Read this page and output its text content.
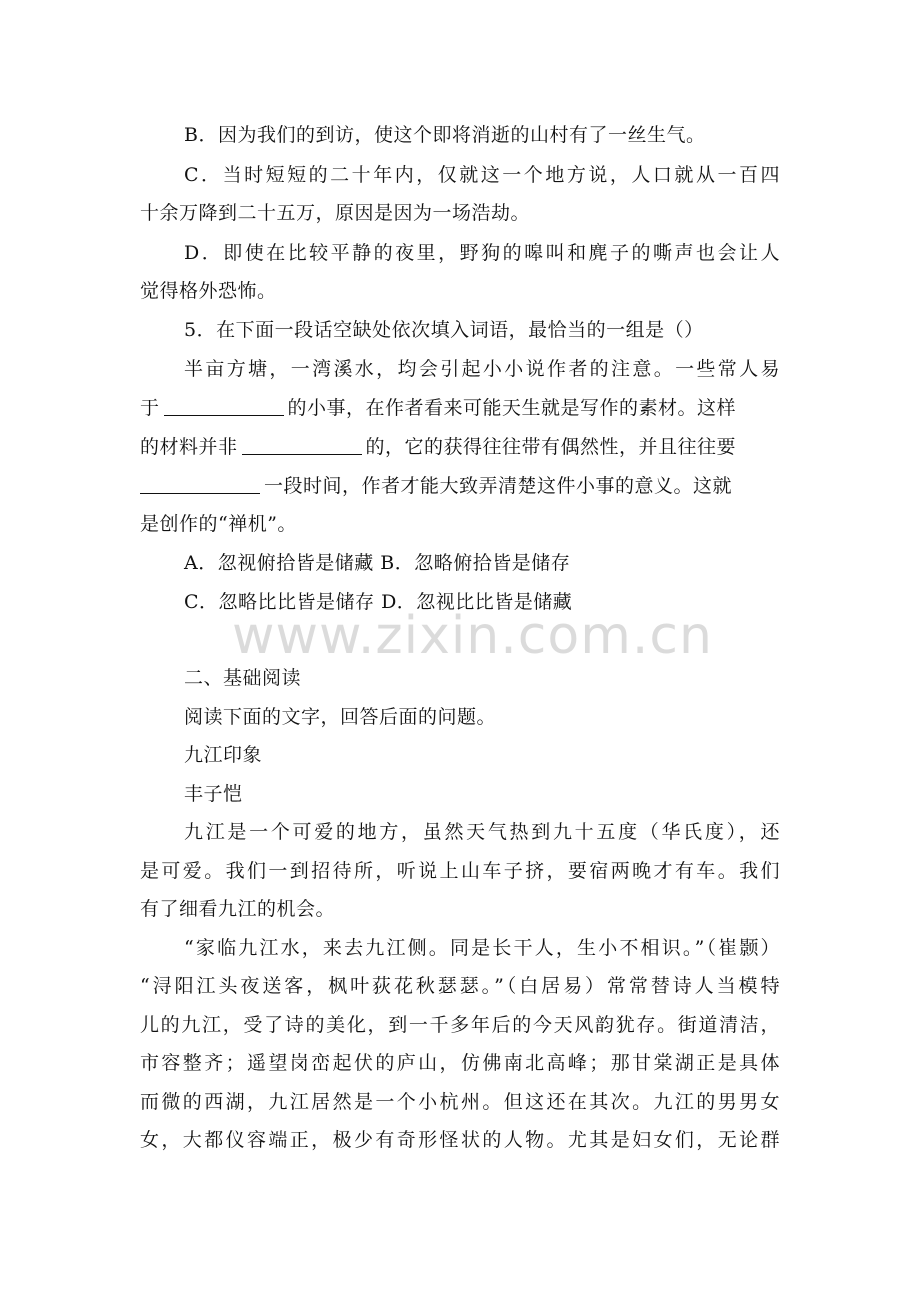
B．因为我们的到访，使这个即将消逝的山村有了一丝生气。
C．当时短短的二十年内，仅就这一个地方说，人口就从一百四
十余万降到二十五万，原因是因为一场浩劫。
D．即使在比较平静的夜里，野狗的嗥叫和麂子的嘶声也会让人
觉得格外恐怖。
5．在下面一段话空缺处依次填入词语，最恰当的一组是（）
半亩方塘，一湾溪水，均会引起小小说作者的注意。一些常人易
于	的小事，在作者看来可能天生就是写作的素材。这样
的材料并非	的，它的获得往往带有偶然性，并且往往要
一段时间，作者才能大致弄清楚这件小事的意义。这就
是创作的“禅机”。
A．忽视俯拾皆是储藏 B．忽略俯拾皆是储存
C．忽略比比皆是储存 D．忽视比比皆是储藏
www.zixin.com.cn
二、基础阅读
阅读下面的文字，回答后面的问题。
九江印象
丰子恺
九江是一个可爱的地方，虽然天气热到九十五度（华氏度），还
是可爱。我们一到招待所，听说上山车子挤，要宿两晚才有车。我们
有了细看九江的机会。
“家临九江水，来去九江侧。同是长干人，生小不相识。”（崔颢）
“浔阳江头夜送客，枫叶荻花秋瑟瑟。”（白居易）常常替诗人当模特
儿的九江，受了诗的美化，到一千多年后的今天风韵犹存。街道清洁，
市容整齐；遥望岗峦起伏的庐山，仿佛南北高峰；那甘棠湖正是具体
而微的西湖，九江居然是一个小杭州。但这还在其次。九江的男男女
女，大都仪容端正，极少有奇形怪状的人物。尤其是妇女们，无论群
